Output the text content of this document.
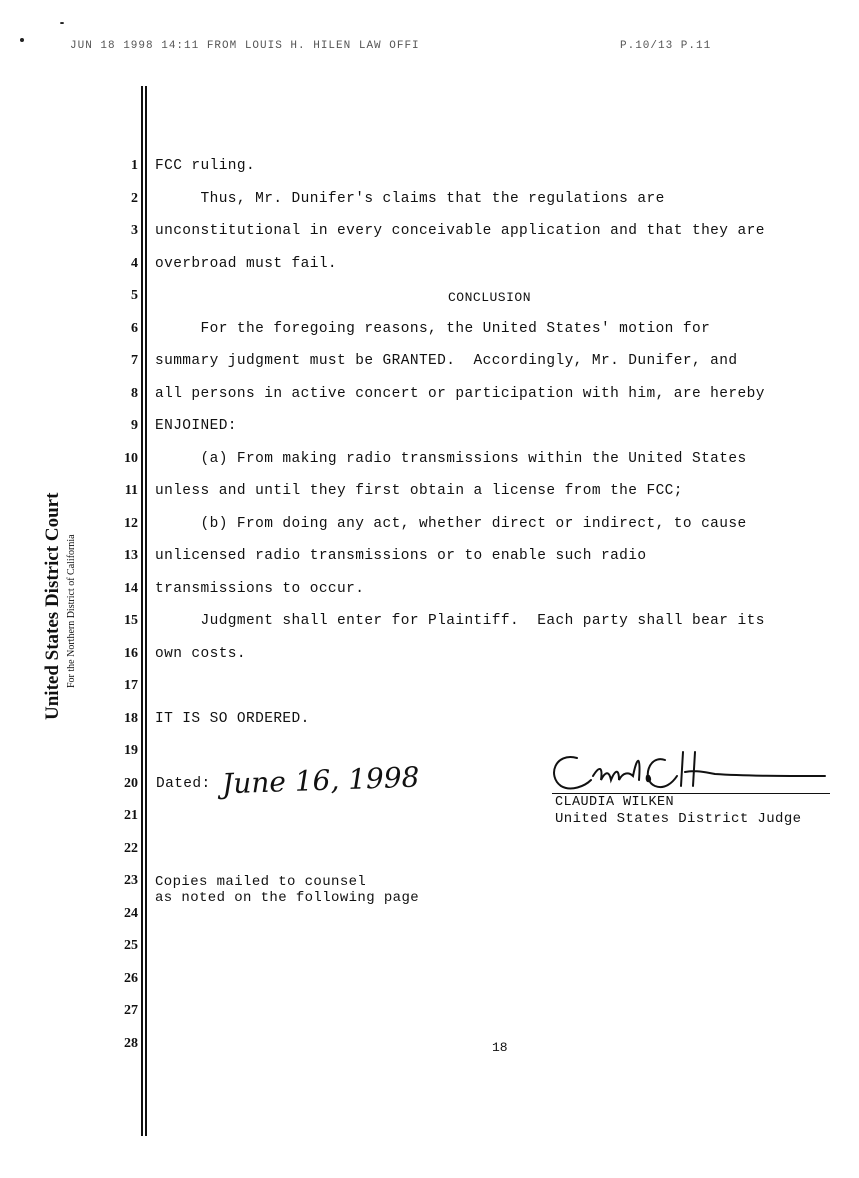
JUN 18 1998 14:11 FROM LOUIS H. HILEN LAW OFFI	P.10/13 P.11
1
2
3
4
5
6
7
8
9
10
11
12
13
14
15
16
17
18
19
20
21
22
23
24
25
26
27
28
United States District Court For the Northern District of California
FCC ruling.
Thus, Mr. Dunifer's claims that the regulations are
unconstitutional in every conceivable application and that they are
overbroad must fail.
CONCLUSION
For the foregoing reasons, the United States' motion for
summary judgment must be GRANTED.  Accordingly, Mr. Dunifer, and
all persons in active concert or participation with him, are hereby
ENJOINED:
(a) From making radio transmissions within the United States
unless and until they first obtain a license from the FCC;
(b) From doing any act, whether direct or indirect, to cause
unlicensed radio transmissions or to enable such radio
transmissions to occur.
Judgment shall enter for Plaintiff.  Each party shall bear its
own costs.
IT IS SO ORDERED.
Dated: June 16, 1998
CLAUDIA WILKEN
United States District Judge
Copies mailed to counsel
as noted on the following page
18
